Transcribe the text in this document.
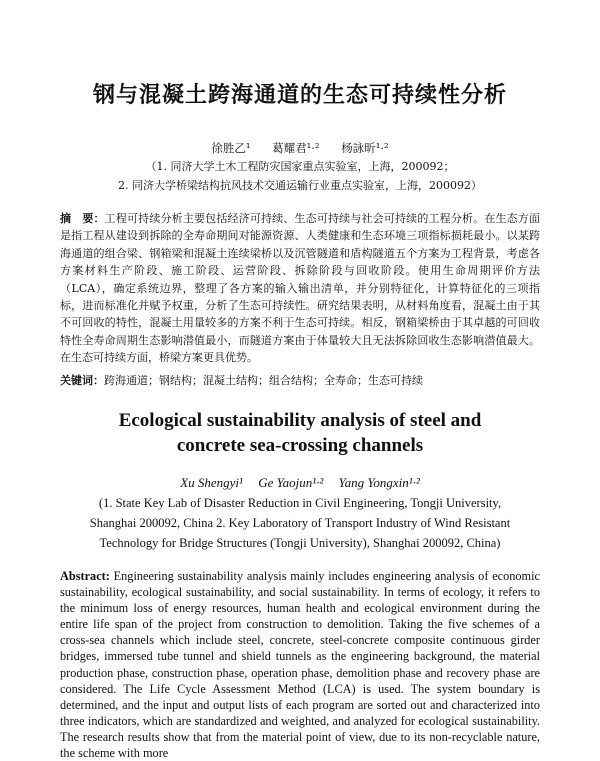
钢与混凝土跨海通道的生态可持续性分析
徐胜乙¹ 葛耀君¹·² 杨詠昕¹·²
（1. 同济大学土木工程防灾国家重点实验室，上海，200092；
2. 同济大学桥梁结构抗风技术交通运输行业重点实验室，上海，200092）
摘　要：工程可持续分析主要包括经济可持续、生态可持续与社会可持续的工程分析。在生态方面是指工程从建设到拆除的全寿命期间对能源资源、人类健康和生态环境三项指标损耗最小。以某跨海通道的组合梁、钢箱梁和混凝土连续梁桥以及沉管隧道和盾构隧道五个方案为工程背景，考虑各方案材料生产阶段、施工阶段、运营阶段、拆除阶段与回收阶段。使用生命周期评价方法（LCA），确定系统边界，整理了各方案的输入输出清单，并分别特征化，计算特征化的三项指标，进而标准化并赋予权重，分析了生态可持续性。研究结果表明，从材料角度看，混凝土由于其不可回收的特性，混凝土用量较多的方案不利于生态可持续。相反，钢箱梁桥由于其卓越的可回收特性全寿命周期生态影响潜值最小，而隧道方案由于体量较大且无法拆除回收生态影响潜值最大。在生态可持续方面，桥梁方案更具优势。
关键词：跨海通道；钢结构；混凝土结构；组合结构；全寿命；生态可持续
Ecological sustainability analysis of steel and
concrete sea-crossing channels
Xu Shengyi¹ Ge Yaojun¹·² Yang Yongxin¹·²
(1. State Key Lab of Disaster Reduction in Civil Engineering, Tongji University,
Shanghai 200092, China 2. Key Laboratory of Transport Industry of Wind Resistant
Technology for Bridge Structures (Tongji University), Shanghai 200092, China)
Abstract: Engineering sustainability analysis mainly includes engineering analysis of economic sustainability, ecological sustainability, and social sustainability. In terms of ecology, it refers to the minimum loss of energy resources, human health and ecological environment during the entire life span of the project from construction to demolition. Taking the five schemes of a cross-sea channels which include steel, concrete, steel-concrete composite continuous girder bridges, immersed tube tunnel and shield tunnels as the engineering background, the material production phase, construction phase, operation phase, demolition phase and recovery phase are considered. The Life Cycle Assessment Method (LCA) is used. The system boundary is determined, and the input and output lists of each program are sorted out and characterized into three indicators, which are standardized and weighted, and analyzed for ecological sustainability. The research results show that from the material point of view, due to its non-recyclable nature, the scheme with more
